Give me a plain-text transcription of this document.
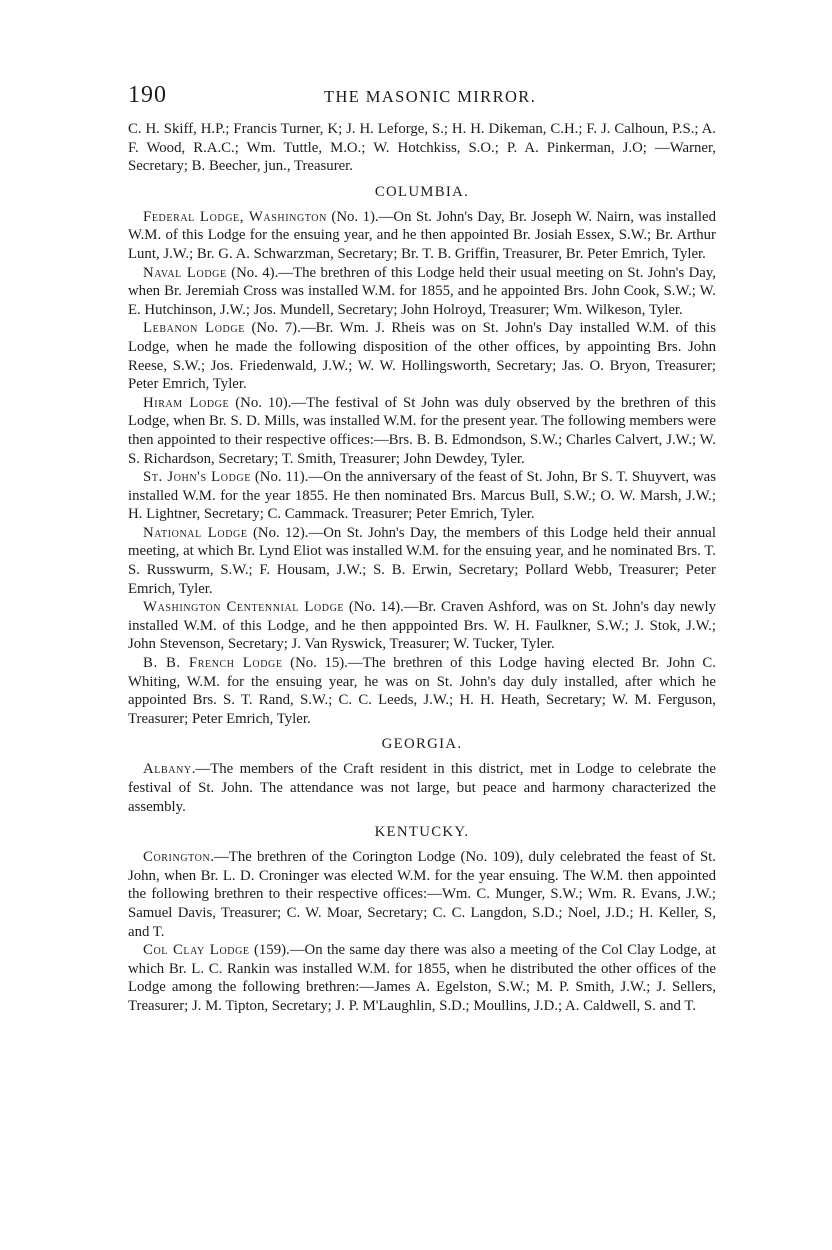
190	THE MASONIC MIRROR.

C. H. Skiff, H.P.; Francis Turner, K; J. H. Leforge, S.; H. H. Dikeman, C.H.; F. J. Calhoun, P.S.; A. F. Wood, R.A.C.; Wm. Tuttle, M.O.; W. Hotchkiss, S.O.; P. A. Pinkerman, J.O; —Warner, Secretary; B. Beecher, jun., Treasurer.

COLUMBIA.

Federal Lodge, Washington (No. 1).—On St. John's Day, Br. Joseph W. Nairn, was installed W.M. of this Lodge for the ensuing year, and he then appointed Br. Josiah Essex, S.W.; Br. Arthur Lunt, J.W.; Br. G. A. Schwarzman, Secretary; Br. T. B. Griffin, Treasurer, Br. Peter Emrich, Tyler.

Naval Lodge (No. 4).—The brethren of this Lodge held their usual meeting on St. John's Day, when Br. Jeremiah Cross was installed W.M. for 1855, and he appointed Brs. John Cook, S.W.; W. E. Hutchinson, J.W.; Jos. Mundell, Secretary; John Holroyd, Treasurer; Wm. Wilkeson, Tyler.

Lebanon Lodge (No. 7).—Br. Wm. J. Rheis was on St. John's Day installed W.M. of this Lodge, when he made the following disposition of the other offices, by appointing Brs. John Reese, S.W.; Jos. Friedenwald, J.W.; W. W. Hollingsworth, Secretary; Jas. O. Bryon, Treasurer; Peter Emrich, Tyler.

Hiram Lodge (No. 10).—The festival of St John was duly observed by the brethren of this Lodge, when Br. S. D. Mills, was installed W.M. for the present year. The following members were then appointed to their respective offices:—Brs. B. B. Edmondson, S.W.; Charles Calvert, J.W.; W. S. Richardson, Secretary; T. Smith, Treasurer; John Dewdey, Tyler.

St. John's Lodge (No. 11).—On the anniversary of the feast of St. John, Br S. T. Shuyvert, was installed W.M. for the year 1855. He then nominated Brs. Marcus Bull, S.W.; O. W. Marsh, J.W.; H. Lightner, Secretary; C. Cammack. Treasurer; Peter Emrich, Tyler.

National Lodge (No. 12).—On St. John's Day, the members of this Lodge held their annual meeting, at which Br. Lynd Eliot was installed W.M. for the ensuing year, and he nominated Brs. T. S. Russwurm, S.W.; F. Housam, J.W.; S. B. Erwin, Secretary; Pollard Webb, Treasurer; Peter Emrich, Tyler.

Washington Centennial Lodge (No. 14).—Br. Craven Ashford, was on St. John's day newly installed W.M. of this Lodge, and he then apppointed Brs. W. H. Faulkner, S.W.; J. Stok, J.W.; John Stevenson, Secretary; J. Van Ryswick, Treasurer; W. Tucker, Tyler.

B. B. French Lodge (No. 15).—The brethren of this Lodge having elected Br. John C. Whiting, W.M. for the ensuing year, he was on St. John's day duly installed, after which he appointed Brs. S. T. Rand, S.W.; C. C. Leeds, J.W.; H. H. Heath, Secretary; W. M. Ferguson, Treasurer; Peter Emrich, Tyler.

GEORGIA.

Albany.—The members of the Craft resident in this district, met in Lodge to celebrate the festival of St. John. The attendance was not large, but peace and harmony characterized the assembly.

KENTUCKY.

Corington.—The brethren of the Corington Lodge (No. 109), duly celebrated the feast of St. John, when Br. L. D. Croninger was elected W.M. for the year ensuing. The W.M. then appointed the following brethren to their respective offices:—Wm. C. Munger, S.W.; Wm. R. Evans, J.W.; Samuel Davis, Treasurer; C. W. Moar, Secretary; C. C. Langdon, S.D.; Noel, J.D.; H. Keller, S, and T.

Col Clay Lodge (159).—On the same day there was also a meeting of the Col Clay Lodge, at which Br. L. C. Rankin was installed W.M. for 1855, when he distributed the other offices of the Lodge among the following brethren:—James A. Egelston, S.W.; M. P. Smith, J.W.; J. Sellers, Treasurer; J. M. Tipton, Secretary; J. P. M'Laughlin, S.D.; Moullins, J.D.; A. Caldwell, S. and T.
